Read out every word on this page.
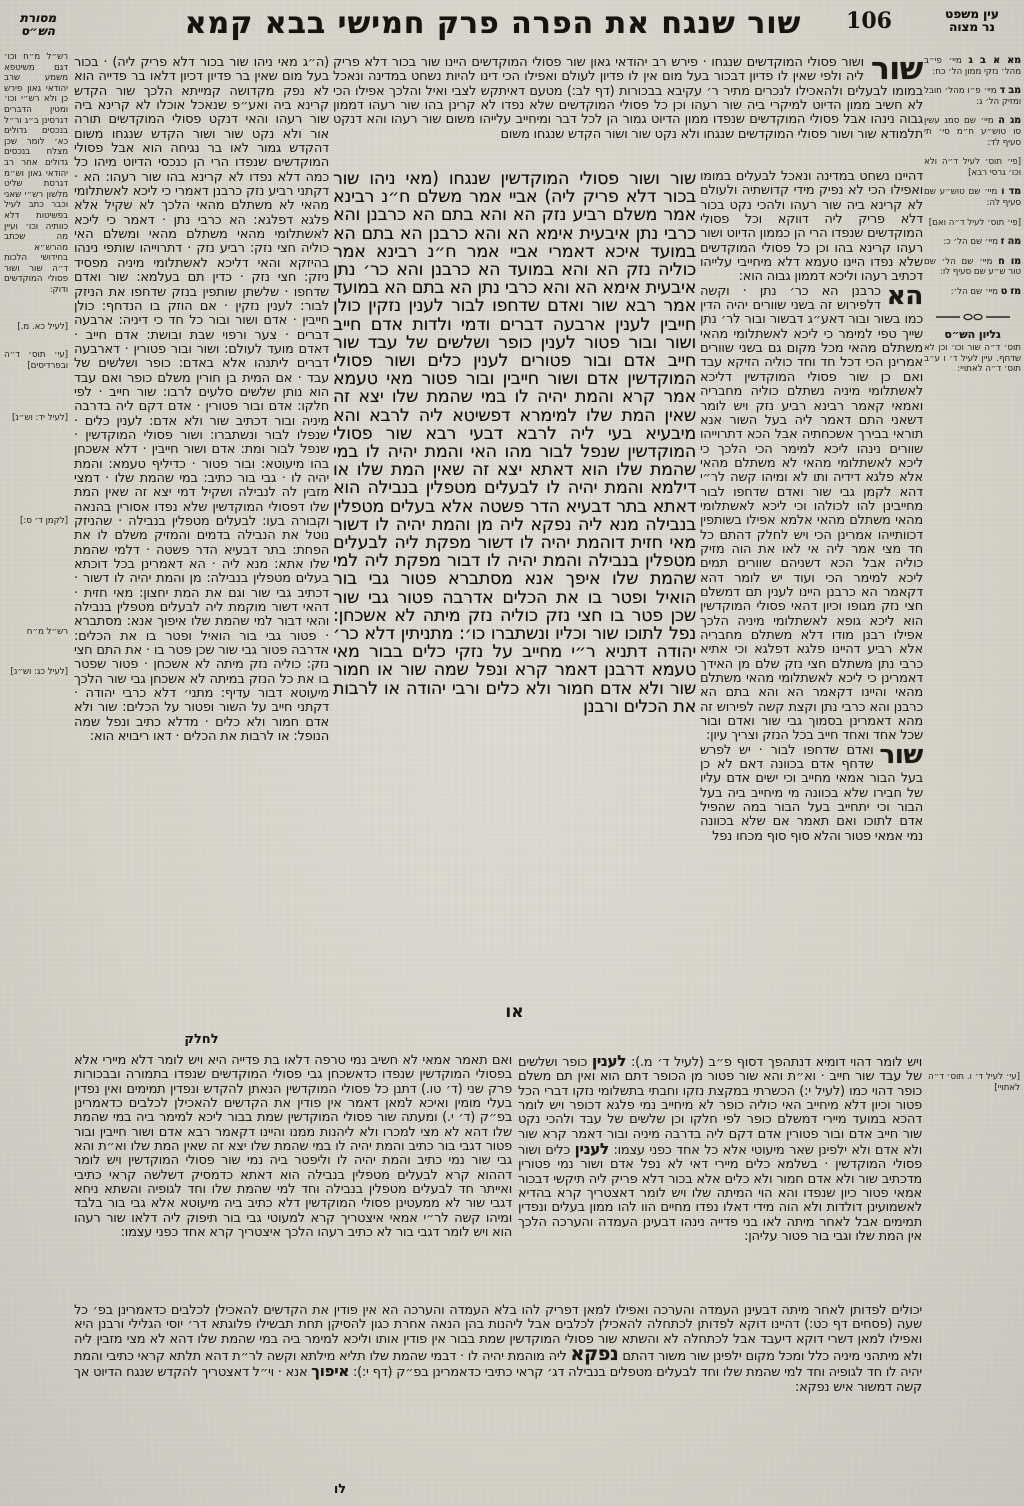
מסורת
הש״ס	שור שנגח את הפרה פרק חמישי בבא קמא	106	עין משפט
נר מצוה
מא א ב ג מיי׳ פי״ב מהל׳ נזקי ממון הל׳ כח:
מב ד מיי׳ פ״ו מהל׳ חובל ומזיק הל׳ ג:
מג ה מיי׳ שם סמג עשין סו טוש״ע ח״מ סי׳ תי סעיף לד:
[פי׳ תוס׳ לעיל ד״ה ולא וכו׳ גרסי רבא]
מד ו מיי׳ שם טוש״ע שם סעיף לה:
[פי׳ תוס׳ לעיל ד״ה ואם]
מה ז מיי׳ שם הל׳ כ:
מו ח מיי׳ שם הל׳ שם טור ש״ע שם סעיף לו:
מז ט מיי׳ שם הל׳:
גליון הש״ס
תוס׳ ד״ה שור וכו׳ וכן לא שדחף. עיין לעיל ד׳ ו ע״ב תוס׳ ד״ה לאתויי:
[עי׳ לעיל ד׳ ו. תוס׳ ד״ה לאתויי]
רש״ל מ״ח וכו׳ דגם משיטפא משמע שרב יהודאי גאון פירש כן ולא רש״י וכו׳ ומטין הדברים דגרסינן ב״ג ור״ל בנכסים גדולים כא׳ לומר שכן מצלח בנכסים גדולים אחר רב יהודאי גאון וש״מ דגרסת שליט מלשון רש״י שאני וכבר כתב לעיל בפשיטות דלא כוותיה וכו׳ ועיין מה שכתב מהרש״א בחידושי הלכות ד״ה שור ושור פסולי המוקדשים ודוק:
[לעיל כא. מ.]
[עי׳ תוס׳ ד״ה ובפרדיסים]
[לעיל יד: וש״נ]
[לקמן ד׳ ס:]
רש״ל מ״ח
[לעיל כג: וש״נ]

(ה״ג מאי ניהו שור בכור דלא פריק ליה) · בכור בעל מום שאין בר פדיון דכיון דלאו בר פדייה הוא לא נפק מקדושה קמייתא הלכך שור הקדש קרינא ביה ואע״פ שנאכל אוכלו לא קרינא ביה שור רעהו והאי דנקט פסולי המוקדשים תורה אור ולא נקט שור ושור הקדש שנגחו משום דהקדש גמור לאו בר נגיחה הוא אבל פסולי המוקדשים שנפדו הרי הן כנכסי הדיוט מיהו כל כמה דלא נפדו לא קרינא בהו שור רעהו: הא · דקתני רביע נזק כרבנן דאמרי כי ליכא לאשתלומי מהאי לא משתלם מהאי הלכך לא שקיל אלא פלגא דפלגא: הא כרבי נתן · דאמר כי ליכא לאשתלומי מהאי משתלם מהאי ומשלם האי כוליה חצי נזק: רביע נזק · דתרוייהו שותפי נינהו בהיזקא והאי דליכא לאשתלומי מיניה מפסיד ניזק: חצי נזק · כדין תם בעלמא: שור ואדם שדחפו · שלשתן שותפין בנזק שדחפו את הניזק לבור: לענין נזקין · אם הוזק בו הנדחף: כולן חייבין · אדם ושור ובור כל חד כי דיניה: ארבעה דברים · צער ורפוי שבת ובושת: אדם חייב · דאדם מועד לעולם: ושור ובור פטורין · דארבעה דברים ליתנהו אלא באדם: כופר ושלשים של עבד · אם המית בן חורין משלם כופר ואם עבד הוא נותן שלשים סלעים לרבו: שור חייב · לפי חלקו: אדם ובור פטורין · אדם דקם ליה בדרבה מיניה ובור דכתיב שור ולא אדם: לענין כלים · שנפלו לבור ונשתברו: ושור פסולי המוקדשין · שנפל לבור ומת: אדם ושור חייבין · דלא אשכחן בהו מיעוטא: ובור פטור · כדיליף טעמא: והמת יהיה לו · גבי בור כתיב: במי שהמת שלו · דמצי מזבין לה לנבילה ושקיל דמי יצא זה שאין המת שלו דפסולי המוקדשין שלא נפדו אסורין בהנאה וקבורה בעו: לבעלים מטפלין בנבילה · שהניזק נוטל את הנבילה בדמים והמזיק משלם לו את הפחת: בתר דבעיא הדר פשטה · דלמי שהמת שלו אתא: מנא ליה · הא דאמרינן בכל דוכתא בעלים מטפלין בנבילה: מן והמת יהיה לו דשור · דכתיב גבי שור וגם את המת יחצון: מאי חזית · דהאי דשור מוקמת ליה לבעלים מטפלין בנבילה והאי דבור למי שהמת שלו איפוך אנא: מסתברא · פטור גבי בור הואיל ופטר בו את הכלים: אדרבה פטור גבי שור שכן פטר בו · את התם חצי נזק: כוליה נזק מיתה לא אשכחן · פטור שפטר בו את כל הנזק במיתה לא אשכחן גבי שור הלכך מיעוטא דבור עדיף: מתני׳ דלא כרבי יהודה · דקתני חייב על השור ופטור על הכלים: שור ולא אדם חמור ולא כלים · מדלא כתיב ונפל שמה הנופל: או לרבות את הכלים · דאו ריבויא הוא:

לחלק

שור
ושור פסולי המוקדשים שנגחו · פירש רב יהודאי גאון שור פסולי המוקדשים היינו שור בכור דלא פריק ליה ולפי שאין לו פדיון דבכור בעל מום אין לו פדיון לעולם ואפילו הכי דינו להיות נשחט במדינה ונאכל במומו לבעלים ולהאכילו לנכרים מתיר ר׳ עקיבא בבכורות (דף לב:) מטעם דאיתקש לצבי ואיל והלכך אפילו הכי לא חשיב ממון הדיוט למיקרי ביה שור רעהו וכן כל פסולי המוקדשים שלא נפדו לא קרינן בהו שור רעהו דממון גבוה נינהו אבל פסולי המוקדשים שנפדו ממון הדיוט גמור הן לכל דבר ומיחייב עלייהו משום שור רעהו והא דנקט תלמודא שור ושור פסולי המוקדשים שנגחו ולא נקט שור ושור הקדש שנגחו משום

שור ושור פסולי המוקדשין שנגחו (מאי ניהו שור בכור דלא פריק ליה) אביי אמר משלם ח״נ רבינא אמר משלם רביע נזק הא והא בתם הא כרבנן והא כרבי נתן איבעית אימא הא והא כרבנן הא בתם הא במועד איכא דאמרי אביי אמר ח״נ רבינא אמר כוליה נזק הא והא במועד הא כרבנן והא כר׳ נתן איבעית אימא הא והא כרבי נתן הא בתם הא במועד אמר רבא שור ואדם שדחפו לבור לענין נזקין כולן חייבין לענין ארבעה דברים ודמי ולדות אדם חייב ושור ובור פטור לענין כופר ושלשים של עבד שור חייב אדם ובור פטורים לענין כלים ושור פסולי המוקדשין אדם ושור חייבין ובור פטור מאי טעמא אמר קרא והמת יהיה לו במי שהמת שלו יצא זה שאין המת שלו למימרא דפשיטא ליה לרבא והא מיבעיא בעי ליה לרבא דבעי רבא שור פסולי המוקדשין שנפל לבור מהו האי והמת יהיה לו במי שהמת שלו הוא דאתא יצא זה שאין המת שלו או דילמא והמת יהיה לו לבעלים מטפלין בנבילה הוא דאתא בתר דבעיא הדר פשטה אלא בעלים מטפלין בנבילה מנא ליה נפקא ליה מן והמת יהיה לו דשור מאי חזית דוהמת יהיה לו דשור מפקת ליה לבעלים מטפלין בנבילה והמת יהיה לו דבור מפקת ליה למי שהמת שלו איפך אנא מסתברא פטור גבי בור הואיל ופטר בו את הכלים אדרבה פטור גבי שור שכן פטר בו חצי נזק כוליה נזק מיתה לא אשכחן: נפל לתוכו שור וכליו ונשתברו כו׳: מתניתין דלא כר׳ יהודה דתניא ר״י מחייב על נזקי כלים בבור מאי טעמא דרבנן דאמר קרא ונפל שמה שור או חמור שור ולא אדם חמור ולא כלים ורבי יהודה או לרבות את הכלים ורבנן

או

דהיינו נשחט במדינה ונאכל לבעלים במומו ואפילו הכי לא נפיק מידי קדושתיה ולעולם לא קרינא ביה שור רעהו ולהכי נקט בכור דלא פריק ליה דווקא וכל פסולי המוקדשים שנפדו הרי הן כממון הדיוט ושור רעהו קרינא בהו וכן כל פסולי המוקדשים שלא נפדו היינו טעמא דלא מיחייבי עלייהו דכתיב רעהו וליכא דממון גבוה הוא:

הא
כרבנן הא כר׳ נתן · וקשה דלפירוש זה בשני שוורים יהיה הדין כמו בשור ובור דאע״ג דבשור ובור לר׳ נתן שייך טפי למימר כי ליכא לאשתלומי מהאי משתלם מהאי מכל מקום גם בשני שוורים אמרינן הכי דכל חד וחד כוליה הזיקא עבד ואם כן שור פסולי המוקדשין דליכא לאשתלומי מיניה נשתלם כוליה מחבריה ואמאי קאמר רבינא רביע נזק ויש לומר דשאני התם דאמר ליה בעל השור אנא תוראי בבירך אשכחתיה אבל הכא דתרוייהו שוורים נינהו ליכא למימר הכי הלכך כי ליכא לאשתלומי מהאי לא משתלם מהאי אלא פלגא דידיה ותו לא ומיהו קשה לר״י דהא לקמן גבי שור ואדם שדחפו לבור מחייבינן להו לכולהו וכי ליכא לאשתלומי מהאי משתלם מהאי אלמא אפילו בשותפין דכוותייהו אמרינן הכי ויש לחלק דהתם כל חד מצי אמר ליה אי לאו את הוה מזיק כוליה אבל הכא דשניהם שוורים תמים ליכא למימר הכי ועוד יש לומר דהא דקאמר הא כרבנן היינו לענין תם דמשלם חצי נזק מגופו וכיון דהאי פסולי המוקדשין הוא ליכא גופא לאשתלומי מיניה הלכך אפילו רבנן מודו דלא משתלם מחבריה אלא רביע דהיינו פלגא דפלגא וכי אתיא כרבי נתן משתלם חצי נזק שלם מן האידך דאמרינן כי ליכא לאשתלומי מהאי משתלם מהאי והיינו דקאמר הא והא בתם הא כרבנן והא כרבי נתן וקצת קשה לפירוש זה מהא דאמרינן בסמוך גבי שור ואדם ובור שכל אחד ואחד חייב בכל הנזק וצריך עיון:

שור
ואדם שדחפו לבור · יש לפרש שדחף אדם בכוונה דאם לא כן בעל הבור אמאי מחייב וכי ישים אדם עליו של חבירו שלא בכוונה מי מיחייב ביה בעל הבור וכי יתחייב בעל הבור במה שהפיל אדם לתוכו ואם תאמר אם שלא בכוונה נמי אמאי פטור והלא סוף סוף מכחו נפל

ויש לומר דהוי דומיא דנתהפך דסוף פ״ב (לעיל ד׳ מ.): לענין כופר ושלשים של עבד שור חייב · וא״ת והא שור פטור מן הכופר דתם הוא ואין תם משלם כופר דהוי כמו (לעיל י:) הכשרתי במקצת נזקו וחבתי בתשלומי נזקו דברי הכל פטור וכיון דלא מיחייב האי כוליה כופר לא מיחייב נמי פלגא דכופר ויש לומר דהכא במועד מיירי דמשלם כופר לפי חלקו וכן שלשים של עבד ולהכי נקט שור חייב אדם ובור פטורין אדם דקם ליה בדרבה מיניה ובור דאמר קרא שור ולא אדם ולא ילפינן שאר מיעוטי אלא כל אחד כפני עצמו: לענין כלים ושור פסולי המוקדשין · בשלמא כלים מיירי דאי לא נפל אדם ושור נמי פטורין מדכתיב שור ולא אדם חמור ולא כלים אלא בכור דלא פריק ליה תיקשי דבכור אמאי פטור כיון שנפדו והא הוי המיתה שלו ויש לומר דאצטריך קרא בהדיא לאשמועינן דולדות ולא הוה מידי דאלו נפדו מחיים הוו להו ממון בעלים ונפדין תמימים אבל לאחר מיתה לאו בני פדייה נינהו דבעינן העמדה והערכה הלכך אין המת שלו וגבי בור פטור עליהן:

ואם תאמר אמאי לא חשיב נמי טרפה דלאו בת פדייה היא ויש לומר דלא מיירי אלא בפסולי המוקדשין שנפדו כדאשכחן גבי פסולי המוקדשים שנפדו בתמורה ובבכורות פרק שני (ד׳ טו.) דתנן כל פסולי המוקדשין הנאתן להקדש ונפדין תמימים ואין נפדין בעלי מומין ואיכא למאן דאמר אין פודין את הקדשים להאכילן לכלבים כדאמרינן בפ״ק (ד׳ י.) ומעתה שור פסולי המוקדשין שמת בבור ליכא למימר ביה במי שהמת שלו דהא לא מצי למכרו ולא ליהנות ממנו והיינו דקאמר רבא אדם ושור חייבין ובור פטור דגבי בור כתיב והמת יהיה לו במי שהמת שלו יצא זה שאין המת שלו וא״ת והא גבי שור נמי כתיב והמת יהיה לו וליפטר ביה נמי שור פסולי המוקדשין ויש לומר דההוא קרא לבעלים מטפלין בנבילה הוא דאתא כדמסיק דשלשה קראי כתיבי ואייתר חד לבעלים מטפלין בנבילה וחד למי שהמת שלו וחד לגופיה והשתא ניחא דגבי שור לא ממעטינן פסולי המוקדשין דלא כתיב ביה מיעוטא אלא גבי בור בלבד ומיהו קשה לר״י אמאי איצטריך קרא למעוטי גבי בור תיפוק ליה דלאו שור רעהו הוא ויש לומר דגבי בור לא כתיב רעהו הלכך איצטריך קרא אחד כפני עצמו:

יכולים לפדותן לאחר מיתה דבעינן העמדה והערכה ואפילו למאן דפריק להו בלא העמדה והערכה הא אין פודין את הקדשים להאכילן לכלבים כדאמרינן בפ׳ כל שעה (פסחים דף כט:) דהיינו דוקא לפדותן לכתחלה להאכילן לכלבים אבל ליהנות בהן הנאה אחרת כגון להסיקן תחת תבשילו פלוגתא דר׳ יוסי הגלילי ורבנן היא ואפילו למאן דשרי דוקא דיעבד אבל לכתחלה לא והשתא שור פסולי המוקדשין שמת בבור אין פודין אותו וליכא למימר ביה במי שהמת שלו דהא לא מצי מזבין ליה ולא מיתהני מיניה כלל ומכל מקום ילפינן שור משור דהתם נפקא ליה מוהמת יהיה לו · דבמי שהמת שלו תליא מילתא וקשה לר״ת דהא תלתא קראי כתיבי והמת יהיה לו חד לגופיה וחד למי שהמת שלו וחד לבעלים מטפלים בנבילה דג׳ קראי כתיבי כדאמרינן בפ״ק (דף י:): איפוך אנא · וי״ל דאצטריך להקדש שנגח הדיוט אך קשה דמשור איש נפקא:

לו
